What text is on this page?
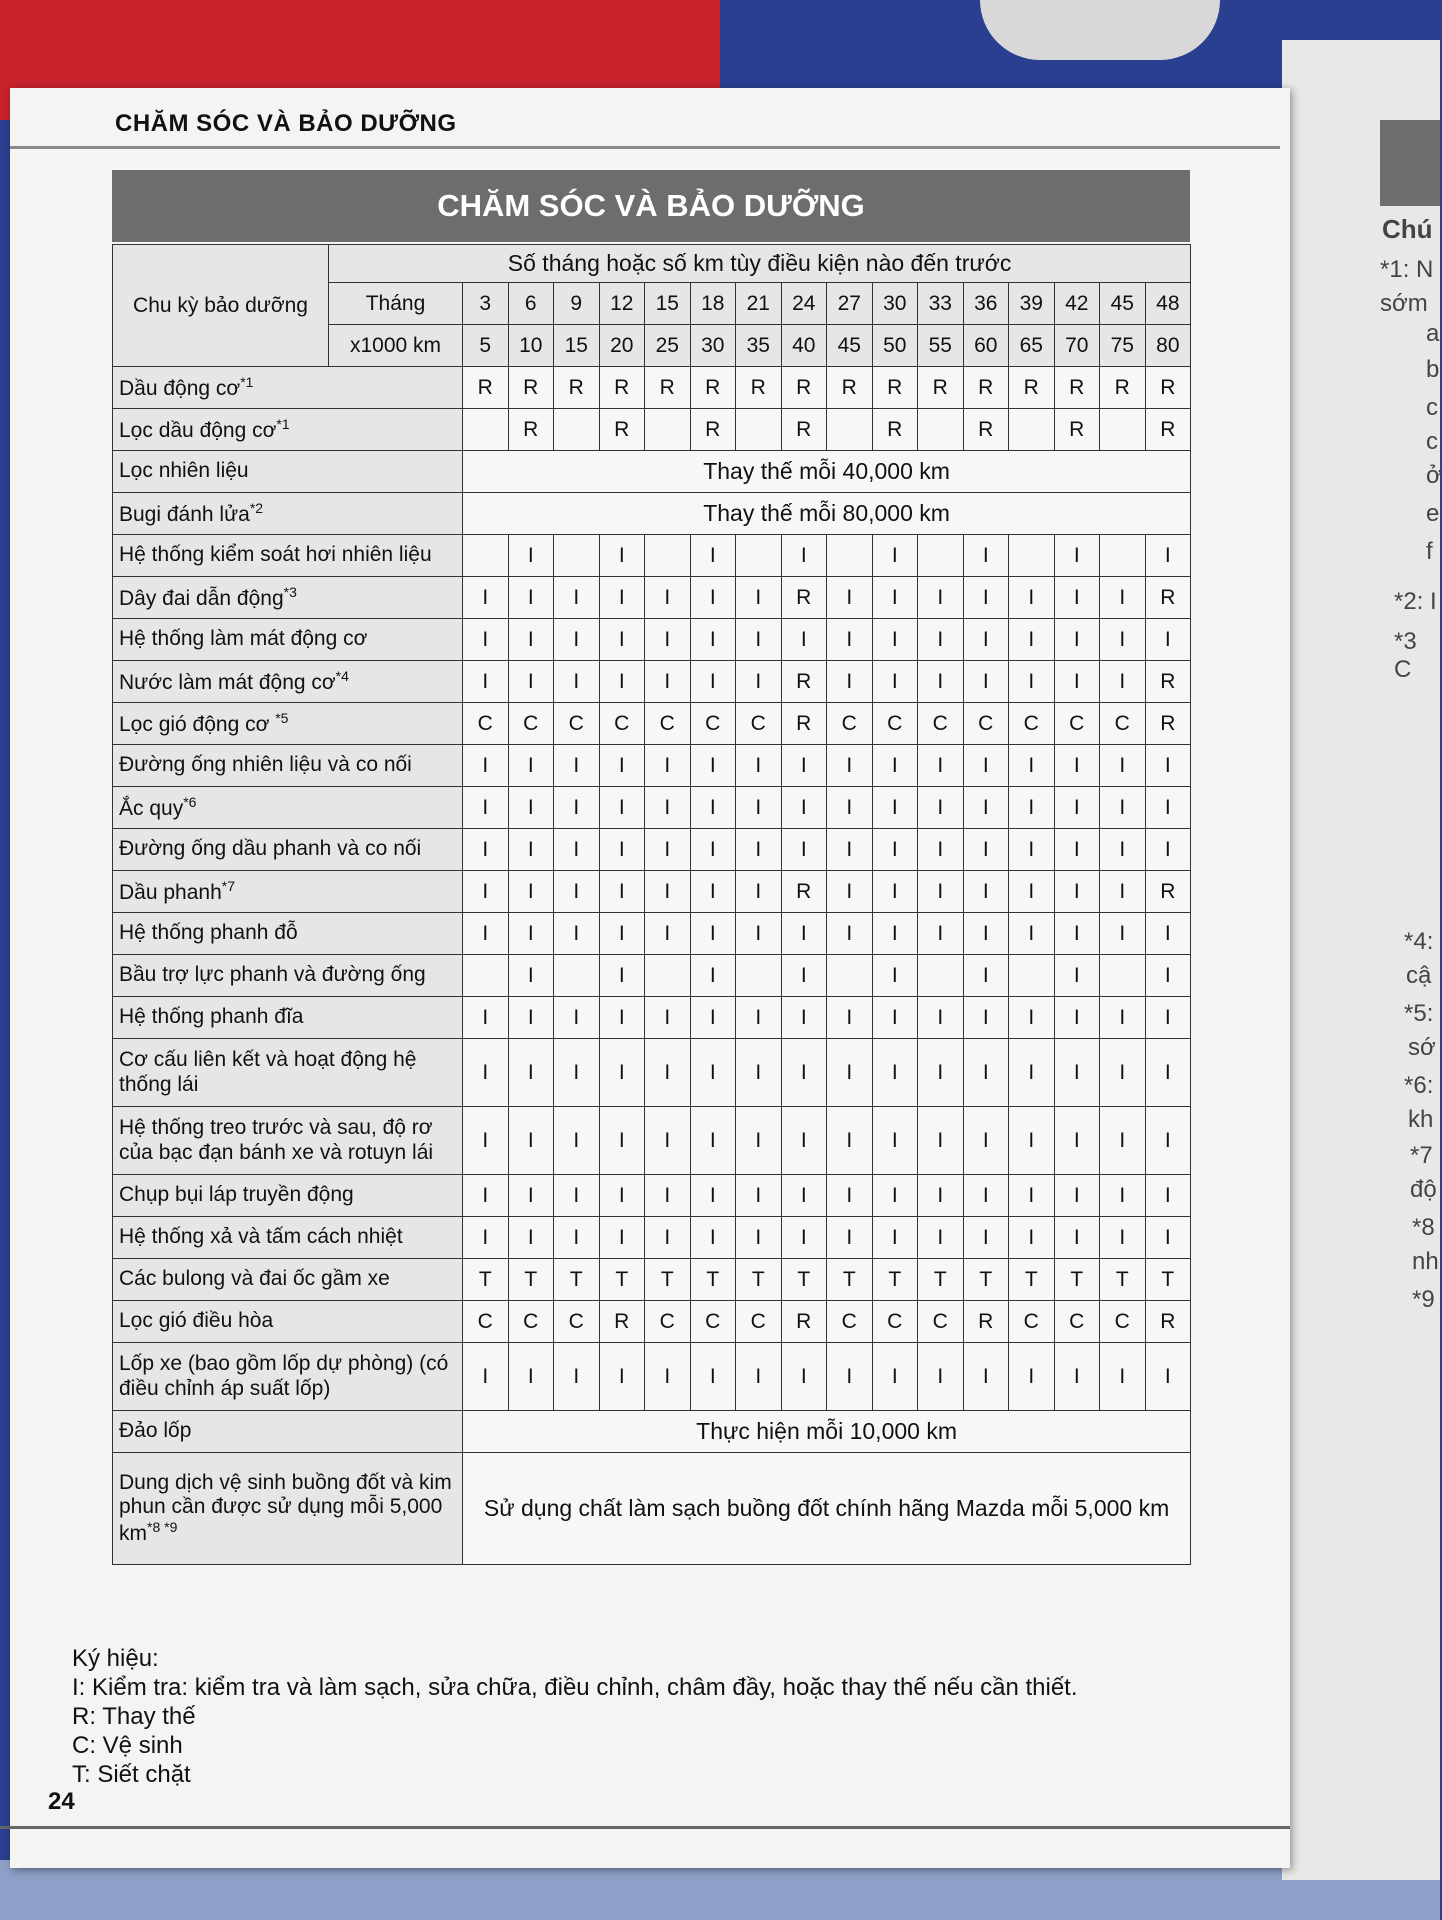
Chú
*1: N
sớm
a
b
c
c
ở
e
f
*2: I
*3 C
*4:
cậ
*5:
sớ
*6:
kh
*7
độ
*8
nh
*9
CHĂM SÓC VÀ BẢO DƯỠNG
CHĂM SÓC VÀ BẢO DƯỠNG
Chu kỳ bảo dưỡng	Số tháng hoặc số km tùy điều kiện nào đến trước																
	Tháng	3	6	9	12	15	18	21	24	27	30	33	36	39	42	45	48
	x1000 km	5	10	15	20	25	30	35	40	45	50	55	60	65	70	75	80
Dầu động $cơ^{*1}$		R	R	R	R	R	R	R	R	R	R	R	R	R	R	R	R
Lọc dầu động $cơ^{*1}$			R		R		R		R		R		R		R		R
Lọc nhiên liệu		Thay thế mỗi 40,000 km															
Bugi đánh lửa$^{*2}$		Thay thế mỗi 80,000 km															
Hệ thống kiểm soát hơi nhiên liệu			I		I		I		I		I		I		I		I
Dây đai dẫn động$^{*3}$		I	I	I	I	I	I	I	R	I	I	I	I	I	I	I	R
Hệ thống làm mát động cơ		I	I	I	I	I	I	I	I	I	I	I	I	I	I	I	I
Nước làm mát động $cơ^{*4}$		I	I	I	I	I	I	I	R	I	I	I	I	I	I	I	R
Lọc gió động cơ $^{*5}$		C	C	C	C	C	C	C	R	C	C	C	C	C	C	C	R
Đường ống nhiên liệu và co nối		I	I	I	I	I	I	I	I	I	I	I	I	I	I	I	I
Ắc quy$^{*6}$		I	I	I	I	I	I	I	I	I	I	I	I	I	I	I	I
Đường ống dầu phanh và co nối		I	I	I	I	I	I	I	I	I	I	I	I	I	I	I	I
Dầu phanh$^{*7}$		I	I	I	I	I	I	I	R	I	I	I	I	I	I	I	R
Hệ thống phanh đỗ		I	I	I	I	I	I	I	I	I	I	I	I	I	I	I	I
Bầu trợ lực phanh và đường ống			I		I		I		I		I		I		I		I
Hệ thống phanh đĩa		I	I	I	I	I	I	I	I	I	I	I	I	I	I	I	I
Cơ cấu liên kết và hoạt động hệ thống lái		I	I	I	I	I	I	I	I	I	I	I	I	I	I	I	I
Hệ thống treo trước và sau, độ rơ của bạc đạn bánh xe và rotuyn lái		I	I	I	I	I	I	I	I	I	I	I	I	I	I	I	I
Chụp bụi láp truyền động		I	I	I	I	I	I	I	I	I	I	I	I	I	I	I	I
Hệ thống xả và tấm cách nhiệt		I	I	I	I	I	I	I	I	I	I	I	I	I	I	I	I
Các bulong và đai ốc gầm xe		T	T	T	T	T	T	T	T	T	T	T	T	T	T	T	T
Lọc gió điều hòa		C	C	C	R	C	C	C	R	C	C	C	R	C	C	C	R
Lốp xe (bao gồm lốp dự phòng) (có điều chỉnh áp suất lốp)		I	I	I	I	I	I	I	I	I	I	I	I	I	I	I	I
Đảo lốp		Thực hiện mỗi 10,000 km															
Dung dịch vệ sinh buồng đốt và kim phun cần được sử dụng mỗi 5,000 $km^{*8 *9}$		Sử dụng chất làm sạch buồng đốt chính hãng Mazda mỗi 5,000 km															
Ký hiệu:
I: Kiểm tra: kiểm tra và làm sạch, sửa chữa, điều chỉnh, châm đầy, hoặc thay thế nếu cần thiết.
R: Thay thế
C: Vệ sinh
T: Siết chặt
24
